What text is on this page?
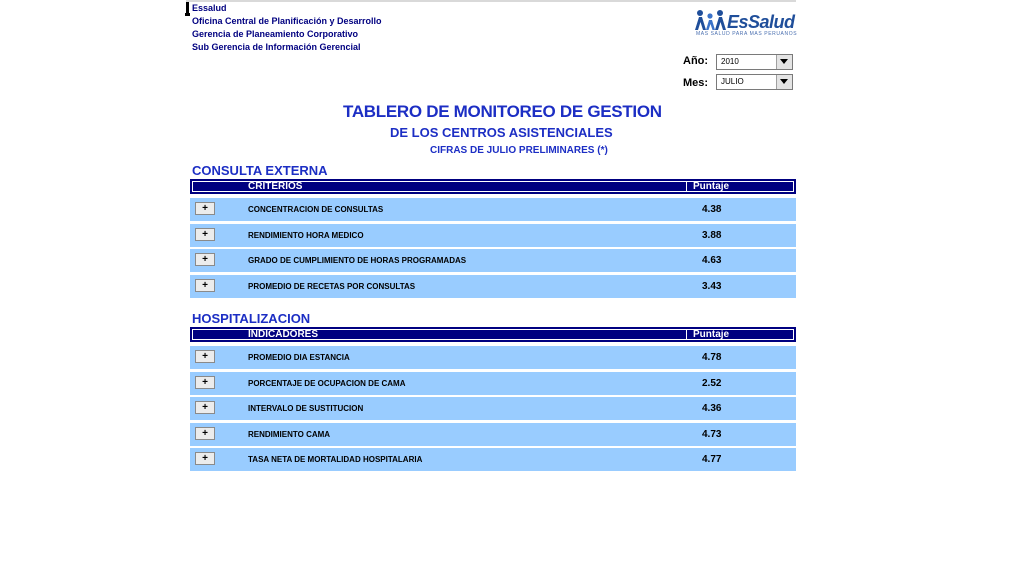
Essalud
Oficina Central de Planificación y Desarrollo
Gerencia de Planeamiento Corporativo
Sub Gerencia de Información Gerencial
EsSalud
MAS SALUD PARA MAS PERUANOS
Año: 2010
Mes: JULIO
TABLERO DE MONITOREO DE GESTION
DE LOS CENTROS ASISTENCIALES
CIFRAS DE JULIO PRELIMINARES (*)
CONSULTA EXTERNA
CRITERIOS	Puntaje
+	CONCENTRACION DE CONSULTAS	4.38
+	RENDIMIENTO HORA MEDICO	3.88
+	GRADO DE CUMPLIMIENTO DE HORAS PROGRAMADAS	4.63
+	PROMEDIO DE RECETAS POR CONSULTAS	3.43
HOSPITALIZACION
INDICADORES	Puntaje
+	PROMEDIO DIA ESTANCIA	4.78
+	PORCENTAJE DE OCUPACION DE CAMA	2.52
+	INTERVALO DE SUSTITUCION	4.36
+	RENDIMIENTO CAMA	4.73
+	TASA NETA DE MORTALIDAD HOSPITALARIA	4.77
